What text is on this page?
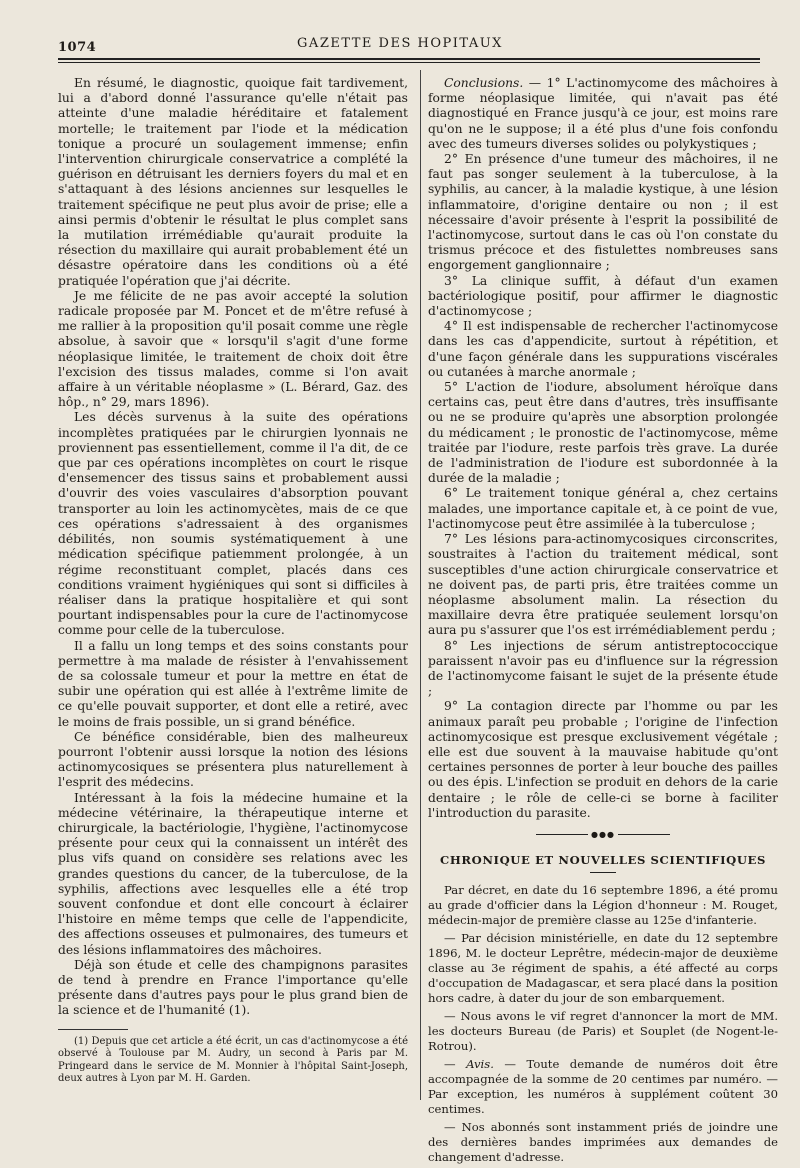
1074	GAZETTE DES HOPITAUX

En résumé, le diagnostic, quoique fait tardivement, lui a d'abord donné l'assurance qu'elle n'était pas atteinte d'une maladie héréditaire et fatalement mortelle; le traitement par l'iode et la médication tonique a procuré un soulagement immense; enfin l'intervention chirurgicale conservatrice a complété la guérison en détruisant les derniers foyers du mal et en s'attaquant à des lésions anciennes sur lesquelles le traitement spécifique ne peut plus avoir de prise; elle a ainsi permis d'obtenir le résultat le plus complet sans la mutilation irrémédiable qu'aurait produite la résection du maxillaire qui aurait probablement été un désastre opératoire dans les conditions où a été pratiquée l'opération que j'ai décrite.

Je me félicite de ne pas avoir accepté la solution radicale proposée par M. Poncet et de m'être refusé à me rallier à la proposition qu'il posait comme une règle absolue, à savoir que « lorsqu'il s'agit d'une forme néoplasique limitée, le traitement de choix doit être l'excision des tissus malades, comme si l'on avait affaire à un véritable néoplasme » (L. Bérard, Gaz. des hôp., n° 29, mars 1896).

Les décès survenus à la suite des opérations incomplètes pratiquées par le chirurgien lyonnais ne proviennent pas essentiellement, comme il l'a dit, de ce que par ces opérations incomplètes on court le risque d'ensemencer des tissus sains et probablement aussi d'ouvrir des voies vasculaires d'absorption pouvant transporter au loin les actinomycètes, mais de ce que ces opérations s'adressaient à des organismes débilités, non soumis systématiquement à une médication spécifique patiemment prolongée, à un régime reconstituant complet, placés dans ces conditions vraiment hygiéniques qui sont si difficiles à réaliser dans la pratique hospitalière et qui sont pourtant indispensables pour la cure de l'actinomycose comme pour celle de la tuberculose.

Il a fallu un long temps et des soins constants pour permettre à ma malade de résister à l'envahissement de sa colossale tumeur et pour la mettre en état de subir une opération qui est allée à l'extrême limite de ce qu'elle pouvait supporter, et dont elle a retiré, avec le moins de frais possible, un si grand bénéfice.

Ce bénéfice considérable, bien des malheureux pourront l'obtenir aussi lorsque la notion des lésions actinomycosiques se présentera plus naturellement à l'esprit des médecins.

Intéressant à la fois la médecine humaine et la médecine vétérinaire, la thérapeutique interne et chirurgicale, la bactériologie, l'hygiène, l'actinomycose présente pour ceux qui la connaissent un intérêt des plus vifs quand on considère ses relations avec les grandes questions du cancer, de la tuberculose, de la syphilis, affections avec lesquelles elle a été trop souvent confondue et dont elle concourt à éclairer l'histoire en même temps que celle de l'appendicite, des affections osseuses et pulmonaires, des tumeurs et des lésions inflammatoires des mâchoires.

Déjà son étude et celle des champignons parasites de tend à prendre en France l'importance qu'elle présente dans d'autres pays pour le plus grand bien de la science et de l'humanité (1).

(1) Depuis que cet article a été écrit, un cas d'actinomycose a été observé à Toulouse par M. Audry, un second à Paris par M. Pringeard dans le service de M. Monnier à l'hôpital Saint-Joseph, deux autres à Lyon par M. H. Garden.

Conclusions. — 1° L'actinomycome des mâchoires à forme néoplasique limitée, qui n'avait pas été diagnostiqué en France jusqu'à ce jour, est moins rare qu'on ne le suppose; il a été plus d'une fois confondu avec des tumeurs diverses solides ou polykystiques ;

2° En présence d'une tumeur des mâchoires, il ne faut pas songer seulement à la tuberculose, à la syphilis, au cancer, à la maladie kystique, à une lésion inflammatoire, d'origine dentaire ou non ; il est nécessaire d'avoir présente à l'esprit la possibilité de l'actinomycose, surtout dans le cas où l'on constate du trismus précoce et des fistulettes nombreuses sans engorgement ganglionnaire ;

3° La clinique suffit, à défaut d'un examen bactériologique positif, pour affirmer le diagnostic d'actinomycose ;

4° Il est indispensable de rechercher l'actinomycose dans les cas d'appendicite, surtout à répétition, et d'une façon générale dans les suppurations viscérales ou cutanées à marche anormale ;

5° L'action de l'iodure, absolument héroïque dans certains cas, peut être dans d'autres, très insuffisante ou ne se produire qu'après une absorption prolongée du médicament ; le pronostic de l'actinomycose, même traitée par l'iodure, reste parfois très grave. La durée de l'administration de l'iodure est subordonnée à la durée de la maladie ;

6° Le traitement tonique général a, chez certains malades, une importance capitale et, à ce point de vue, l'actinomycose peut être assimilée à la tuberculose ;

7° Les lésions para-actinomycosiques circonscrites, soustraites à l'action du traitement médical, sont susceptibles d'une action chirurgicale conservatrice et ne doivent pas, de parti pris, être traitées comme un néoplasme absolument malin. La résection du maxillaire devra être pratiquée seulement lorsqu'on aura pu s'assurer que l'os est irrémédiablement perdu ;

8° Les injections de sérum antistreptococcique paraissent n'avoir pas eu d'influence sur la régression de l'actinomycome faisant le sujet de la présente étude ;

9° La contagion directe par l'homme ou par les animaux paraît peu probable ; l'origine de l'infection actinomycosique est presque exclusivement végétale ; elle est due souvent à la mauvaise habitude qu'ont certaines personnes de porter à leur bouche des pailles ou des épis. L'infection se produit en dehors de la carie dentaire ; le rôle de celle-ci se borne à faciliter l'introduction du parasite.

●●●
CHRONIQUE ET NOUVELLES SCIENTIFIQUES

Par décret, en date du 16 septembre 1896, a été promu au grade d'officier dans la Légion d'honneur : M. Rouget, médecin-major de première classe au 125e d'infanterie.

— Par décision ministérielle, en date du 12 septembre 1896, M. le docteur Leprêtre, médecin-major de deuxième classe au 3e régiment de spahis, a été affecté au corps d'occupation de Madagascar, et sera placé dans la position hors cadre, à dater du jour de son embarquement.

— Nous avons le vif regret d'annoncer la mort de MM. les docteurs Bureau (de Paris) et Souplet (de Nogent-le-Rotrou).

— Avis. — Toute demande de numéros doit être accompagnée de la somme de 20 centimes par numéro. — Par exception, les numéros à supplément coûtent 30 centimes.

— Nos abonnés sont instamment priés de joindre une des dernières bandes imprimées aux demandes de changement d'adresse.
